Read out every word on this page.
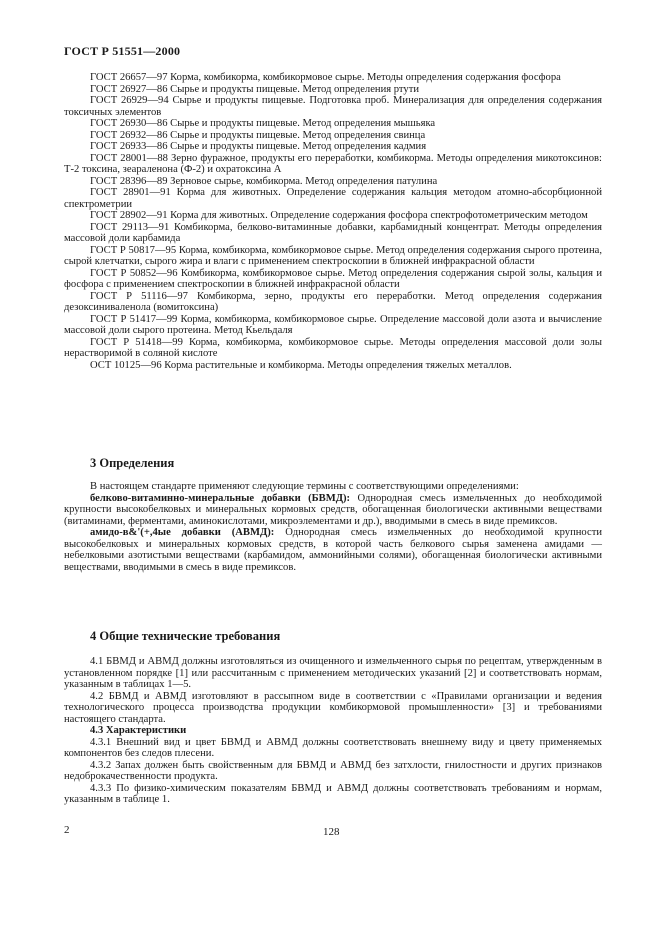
ГОСТ Р 51551—2000

ГОСТ 26657—97 Корма, комбикорма, комбикормовое сырье. Методы определения содержания фосфора

ГОСТ 26927—86 Сырье и продукты пищевые. Метод определения ртути

ГОСТ 26929—94 Сырье и продукты пищевые. Подготовка проб. Минерализация для определения содержания токсичных элементов

ГОСТ 26930—86 Сырье и продукты пищевые. Метод определения мышьяка

ГОСТ 26932—86 Сырье и продукты пищевые. Метод определения свинца

ГОСТ 26933—86 Сырье и продукты пищевые. Метод определения кадмия

ГОСТ 28001—88 Зерно фуражное, продукты его переработки, комбикорма. Методы определения микотоксинов: Т-2 токсина, зеараленона (Ф-2) и охратоксина А

ГОСТ 28396—89 Зерновое сырье, комбикорма. Метод определения патулина

ГОСТ 28901—91 Корма для животных. Определение содержания кальция методом атомно-абсорбционной спектрометрии

ГОСТ 28902—91 Корма для животных. Определение содержания фосфора спектрофотометрическим методом

ГОСТ 29113—91 Комбикорма, белково-витаминные добавки, карбамидный концентрат. Методы определения массовой доли карбамида

ГОСТ Р 50817—95 Корма, комбикорма, комбикормовое сырье. Метод определения содержания сырого протеина, сырой клетчатки, сырого жира и влаги с применением спектроскопии в ближней инфракрасной области

ГОСТ Р 50852—96 Комбикорма, комбикормовое сырье. Метод определения содержания сырой золы, кальция и фосфора с применением спектроскопии в ближней инфракрасной области

ГОСТ Р 51116—97 Комбикорма, зерно, продукты его переработки. Метод определения содержания дезоксиниваленола (вомитоксина)

ГОСТ Р 51417—99 Корма, комбикорма, комбикормовое сырье. Определение массовой доли азота и вычисление массовой доли сырого протеина. Метод Кьельдаля

ГОСТ Р 51418—99 Корма, комбикорма, комбикормовое сырье. Методы определения массовой доли золы нерастворимой в соляной кислоте

ОСТ 10125—96 Корма растительные и комбикорма. Методы определения тяжелых металлов.

3 Определения

В настоящем стандарте применяют следующие термины с соответствующими определениями:

белково-витаминно-минеральные добавки (БВМД): Однородная смесь измельченных до необходимой крупности высокобелковых и минеральных кормовых средств, обогащенная биологически активными веществами (витаминами, ферментами, аминокислотами, микроэлементами и др.), вводимыми в смесь в виде премиксов.

амидо-в&'(+,4ые добавки (АВМД): Однородная смесь измельченных до необходимой крупности высокобелковых и минеральных кормовых средств, в которой часть белкового сырья заменена амидами — небелковыми азотистыми веществами (карбамидом, аммонийными солями), обогащенная биологически активными веществами, вводимыми в смесь в виде премиксов.

4 Общие технические требования

4.1 БВМД и АВМД должны изготовляться из очищенного и измельченного сырья по рецептам, утвержденным в установленном порядке [1] или рассчитанным с применением методических указаний [2] и соответствовать нормам, указанным в таблицах 1—5.

4.2 БВМД и АВМД изготовляют в рассыпном виде в соответствии с «Правилами организации и ведения технологического процесса производства продукции комбикормовой промышленности» [3] и требованиями настоящего стандарта.

4.3 Характеристики

4.3.1 Внешний вид и цвет БВМД и АВМД должны соответствовать внешнему виду и цвету применяемых компонентов без следов плесени.

4.3.2 Запах должен быть свойственным для БВМД и АВМД без затхлости, гнилостности и других признаков недоброкачественности продукта.

4.3.3 По физико-химическим показателям БВМД и АВМД должны соответствовать требованиям и нормам, указанным в таблице 1.

2	128
